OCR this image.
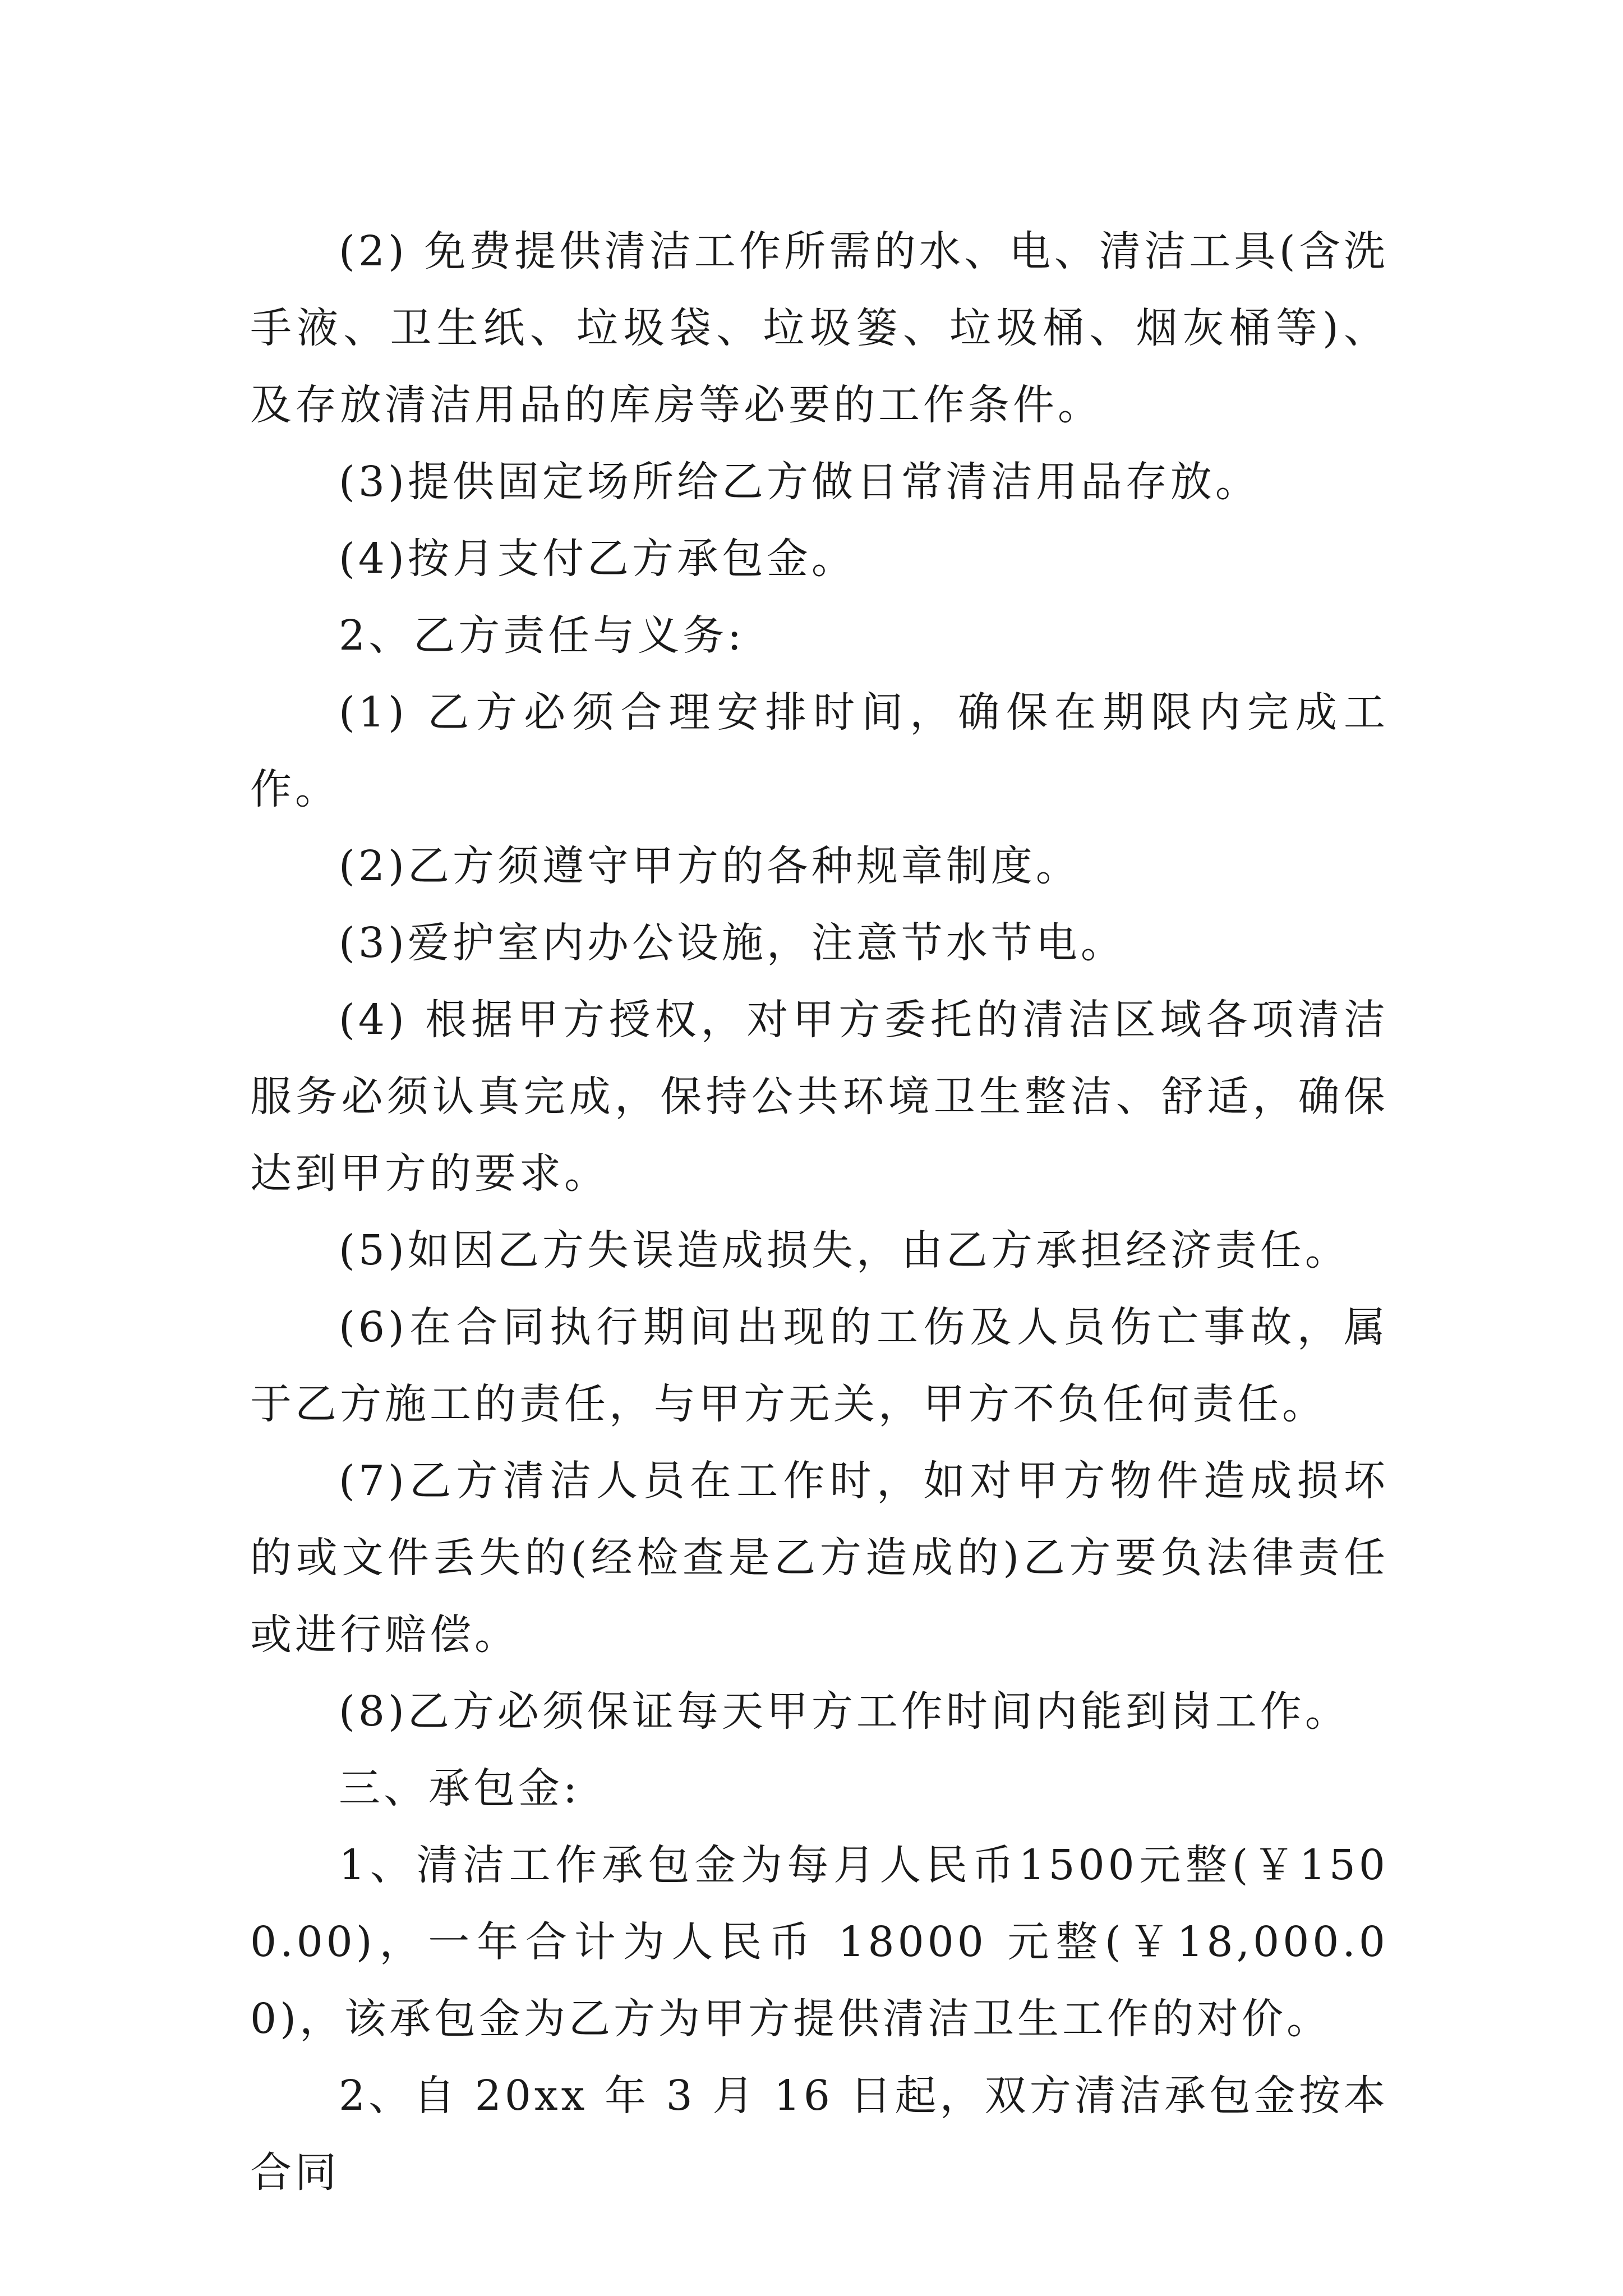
(2) 免费提供清洁工作所需的水、电、清洁工具(含洗手液、卫生纸、垃圾袋、垃圾篓、垃圾桶、烟灰桶等)、及存放清洁用品的库房等必要的工作条件。

(3)提供固定场所给乙方做日常清洁用品存放。

(4)按月支付乙方承包金。

2、乙方责任与义务:

(1) 乙方必须合理安排时间，确保在期限内完成工作。

(2)乙方须遵守甲方的各种规章制度。

(3)爱护室内办公设施，注意节水节电。

(4) 根据甲方授权，对甲方委托的清洁区域各项清洁服务必须认真完成，保持公共环境卫生整洁、舒适，确保达到甲方的要求。

(5)如因乙方失误造成损失，由乙方承担经济责任。

(6)在合同执行期间出现的工伤及人员伤亡事故，属于乙方施工的责任，与甲方无关，甲方不负任何责任。

(7)乙方清洁人员在工作时，如对甲方物件造成损坏的或文件丢失的(经检查是乙方造成的)乙方要负法律责任或进行赔偿。

(8)乙方必须保证每天甲方工作时间内能到岗工作。

三、承包金:

1、清洁工作承包金为每月人民币1500元整(￥1500.00)，一年合计为人民币 18000 元整(￥18,000.00)，该承包金为乙方为甲方提供清洁卫生工作的对价。

2、自 20xx 年 3 月 16 日起，双方清洁承包金按本合同
